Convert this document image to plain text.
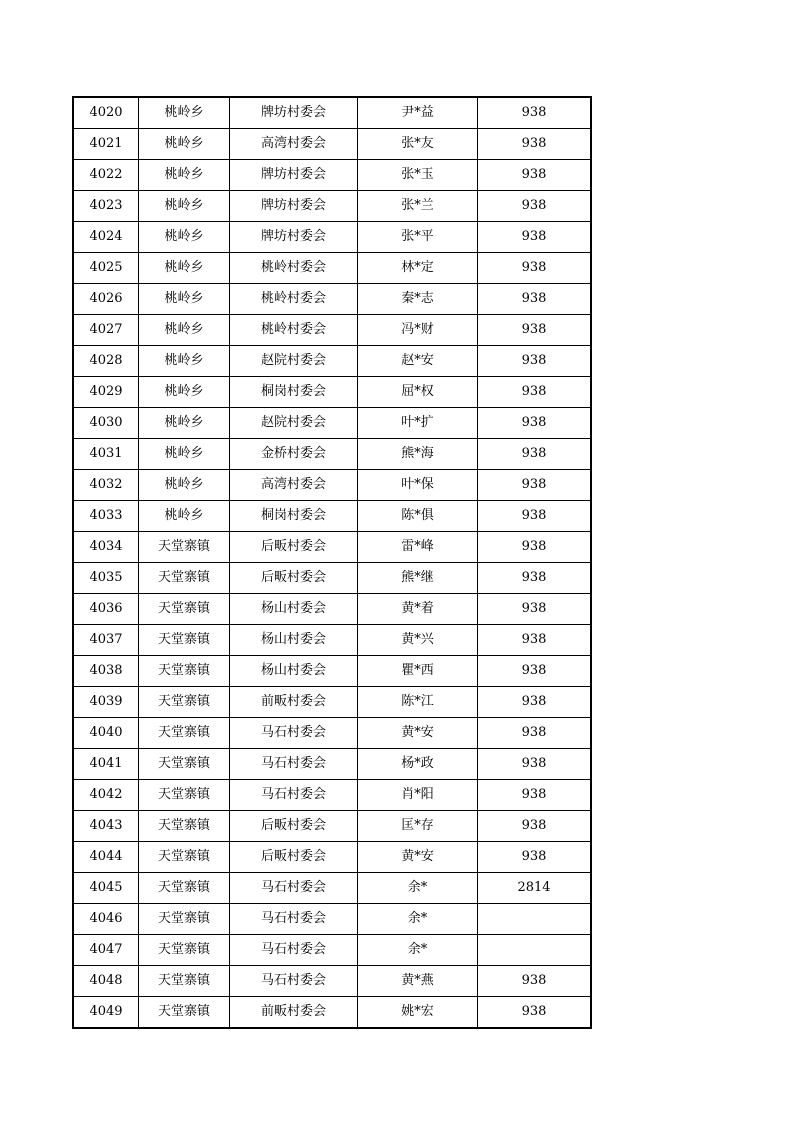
4020	桃岭乡	牌坊村委会	尹*益	938
4021	桃岭乡	高湾村委会	张*友	938
4022	桃岭乡	牌坊村委会	张*玉	938
4023	桃岭乡	牌坊村委会	张*兰	938
4024	桃岭乡	牌坊村委会	张*平	938
4025	桃岭乡	桃岭村委会	林*定	938
4026	桃岭乡	桃岭村委会	秦*志	938
4027	桃岭乡	桃岭村委会	冯*财	938
4028	桃岭乡	赵院村委会	赵*安	938
4029	桃岭乡	桐岗村委会	屈*权	938
4030	桃岭乡	赵院村委会	叶*扩	938
4031	桃岭乡	金桥村委会	熊*海	938
4032	桃岭乡	高湾村委会	叶*保	938
4033	桃岭乡	桐岗村委会	陈*俱	938
4034	天堂寨镇	后畈村委会	雷*峰	938
4035	天堂寨镇	后畈村委会	熊*继	938
4036	天堂寨镇	杨山村委会	黄*着	938
4037	天堂寨镇	杨山村委会	黄*兴	938
4038	天堂寨镇	杨山村委会	瞿*西	938
4039	天堂寨镇	前畈村委会	陈*江	938
4040	天堂寨镇	马石村委会	黄*安	938
4041	天堂寨镇	马石村委会	杨*政	938
4042	天堂寨镇	马石村委会	肖*阳	938
4043	天堂寨镇	后畈村委会	匡*存	938
4044	天堂寨镇	后畈村委会	黄*安	938
4045	天堂寨镇	马石村委会	余*	2814
4046	天堂寨镇	马石村委会	余*	
4047	天堂寨镇	马石村委会	余*	
4048	天堂寨镇	马石村委会	黄*燕	938
4049	天堂寨镇	前畈村委会	姚*宏	938
